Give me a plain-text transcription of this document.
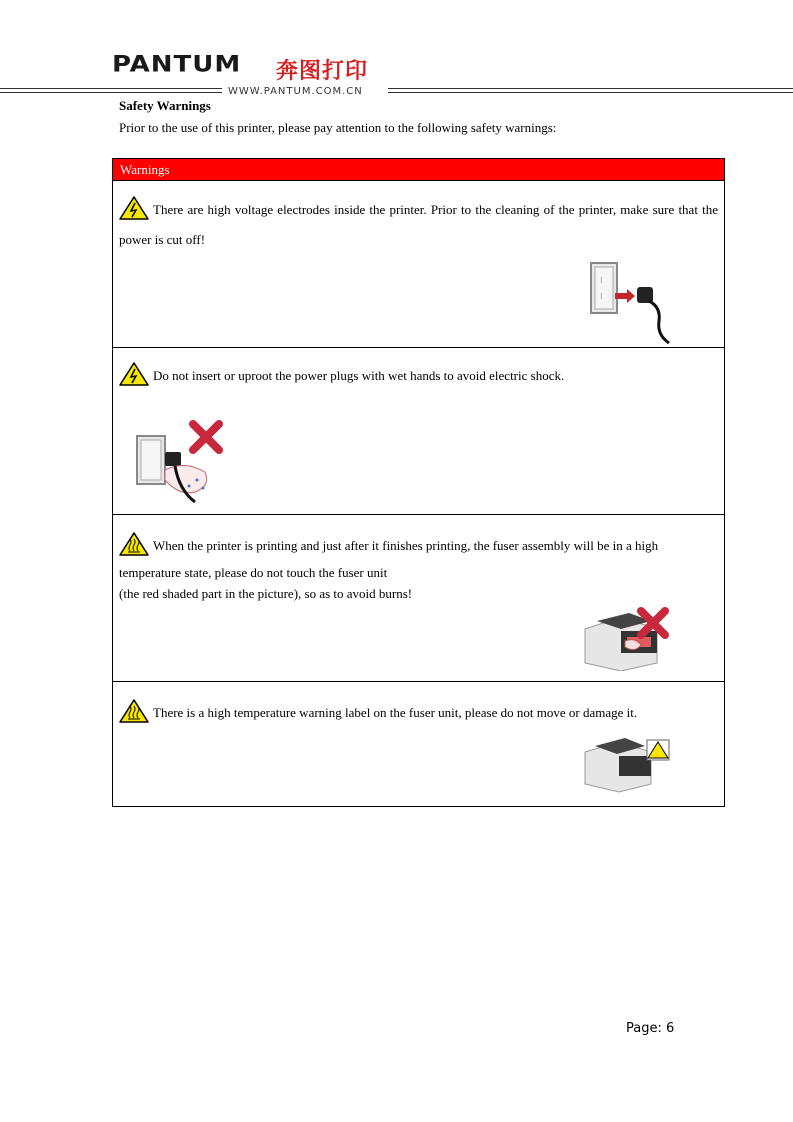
PANTUM 奔图打印
WWW.PANTUM.COM.CN
Safety Warnings
Prior to the use of this printer, please pay attention to the following safety warnings:
Warnings
There are high voltage electrodes inside the printer. Prior to the cleaning of the printer, make sure that the power is cut off!
⁝
⁝
Do not insert or uproot the power plugs with wet hands to avoid electric shock.
When the printer is printing and just after it finishes printing, the fuser assembly will be in a high temperature state, please do not touch the fuser unit
(the red shaded part in the picture), so as to avoid burns!
There is a high temperature warning label on the fuser unit, please do not move or damage it.
Page: 6
